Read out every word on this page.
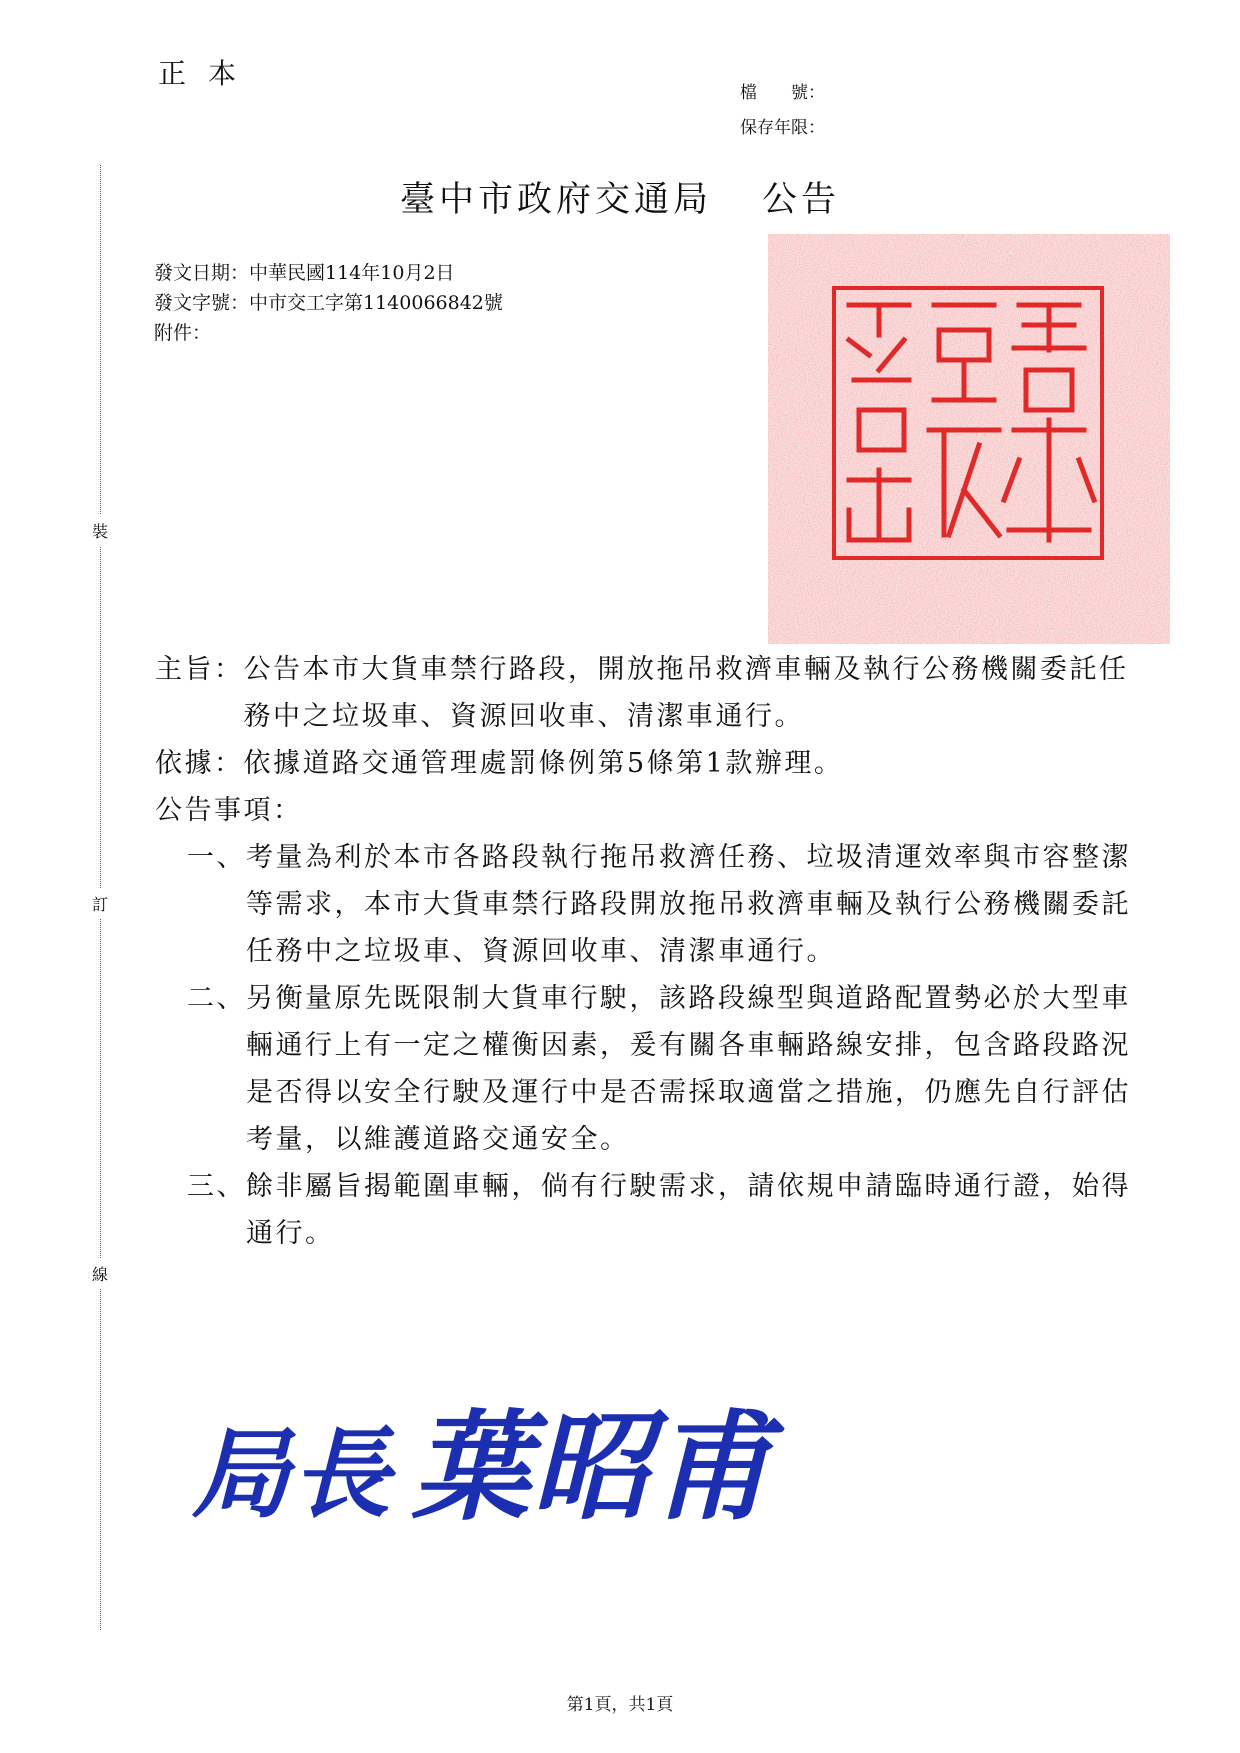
正本
檔　　號：
保存年限：
臺中市政府交通局 公告
發文日期：中華民國114年10月2日
發文字號：中市交工字第1140066842號
附件：
裝
訂
線
主旨： 公告本市大貨車禁行路段，開放拖吊救濟車輛及執行公務機關委託任務中之垃圾車、資源回收車、清潔車通行。
依據： 依據道路交通管理處罰條例第5條第1款辦理。
公告事項：
一、 考量為利於本市各路段執行拖吊救濟任務、垃圾清運效率與市容整潔等需求，本市大貨車禁行路段開放拖吊救濟車輛及執行公務機關委託任務中之垃圾車、資源回收車、清潔車通行。
二、 另衡量原先既限制大貨車行駛，該路段線型與道路配置勢必於大型車輛通行上有一定之權衡因素，爰有關各車輛路線安排，包含路段路況是否得以安全行駛及運行中是否需採取適當之措施，仍應先自行評估考量，以維護道路交通安全。
三、 餘非屬旨揭範圍車輛，倘有行駛需求，請依規申請臨時通行證，始得通行。
局長 葉昭甫
第1頁，共1頁
